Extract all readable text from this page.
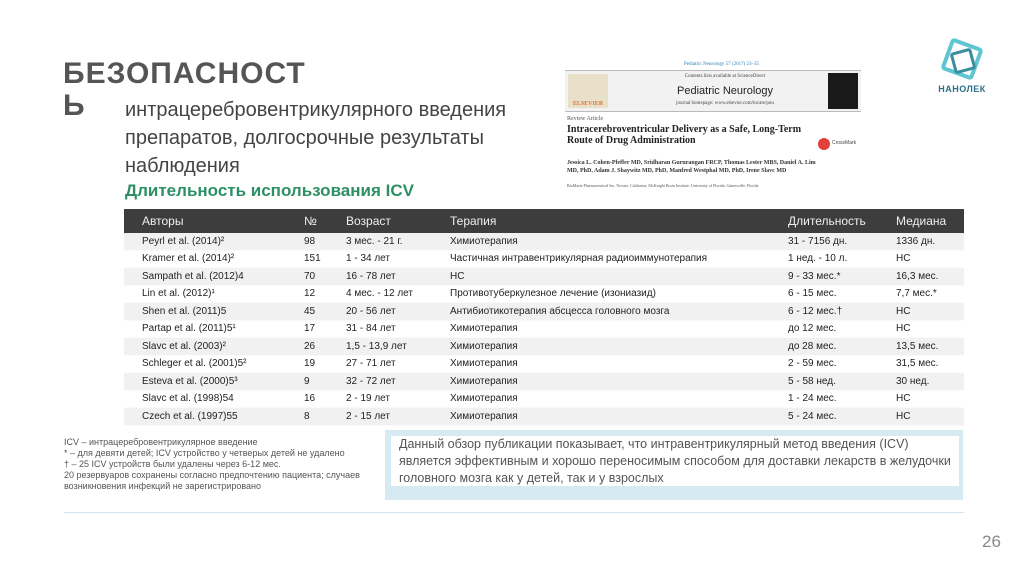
БЕЗОПАСНОСТ
Ь	интрацеребровентрикулярного введения препаратов, долгосрочные результаты наблюдения
Длительность использования ICV
Pediatric Neurology 57 (2017) 23–35
ELSEVIER
Contents lists available at ScienceDirect
Pediatric Neurology
journal homepage: www.elsevier.com/locate/pnu
Review Article
Intracerebroventricular Delivery as a Safe, Long-Term Route of Drug Administration	CrossMark
Jessica L. Cohen-Pfeffer MD, Sridharan Gururangan FRCP, Thomas Lester MBS, Daniel A. Lim MD, PhD, Adam J. Shaywitz MD, PhD, Manfred Westphal MD, PhD, Irene Slavc MD
BioMarin Pharmaceutical Inc, Novato, California; McKnight Brain Institute, University of Florida, Gainesville, Florida
НАНОЛЕК
Авторы	№	Возраст	Терапия	Длительность	Медиана
Peyrl et al. (2014)²	98	3 мес. - 21 г.	Химиотерапия	31 - 7156 дн.	1336 дн.
Kramer et al. (2014)²	151	1 - 34 лет	Частичная интравентрикулярная радиоиммунотерапия	1 нед. - 10 л.	НС
Sampath et al. (2012)4	70	16 - 78 лет	НС	9 - 33 мес.*	16,3 мес.
Lin et al. (2012)¹	12	4 мес. - 12 лет	Противотуберкулезное лечение (изониазид)	6 - 15 мес.	7,7 мес.*
Shen et al. (2011)5	45	20 - 56 лет	Антибиотикотерапия абсцесса головного мозга	6 - 12 мес.†	НС
Partap et al. (2011)5¹	17	31 - 84 лет	Химиотерапия	до 12 мес.	НС
Slavc et al. (2003)²	26	1,5 - 13,9 лет	Химиотерапия	до 28 мес.	13,5 мес.
Schleger et al. (2001)5²	19	27 - 71 лет	Химиотерапия	2 - 59 мес.	31,5 мес.
Esteva et al. (2000)5³	9	32 - 72 лет	Химиотерапия	5 - 58 нед.	30 нед.
Slavc et al. (1998)54	16	2 - 19 лет	Химиотерапия	1 - 24 мес.	НС
Czech et al. (1997)55	8	2 - 15 лет	Химиотерапия	5 - 24 мес.	НС
ICV – интрацеребровентрикулярное введение
* – для девяти детей; ICV устройство у четверых детей не удалено
† – 25 ICV устройств были удалены через 6-12 мес.
20 резервуаров сохранены согласно предпочтению пациента; случаев возникновения инфекций не зарегистрировано
Данный обзор публикации показывает, что интравентрикулярный метод введения (ICV) является эффективным и хорошо переносимым способом для доставки лекарств в желудочки головного мозга как у детей, так и у взрослых
26
